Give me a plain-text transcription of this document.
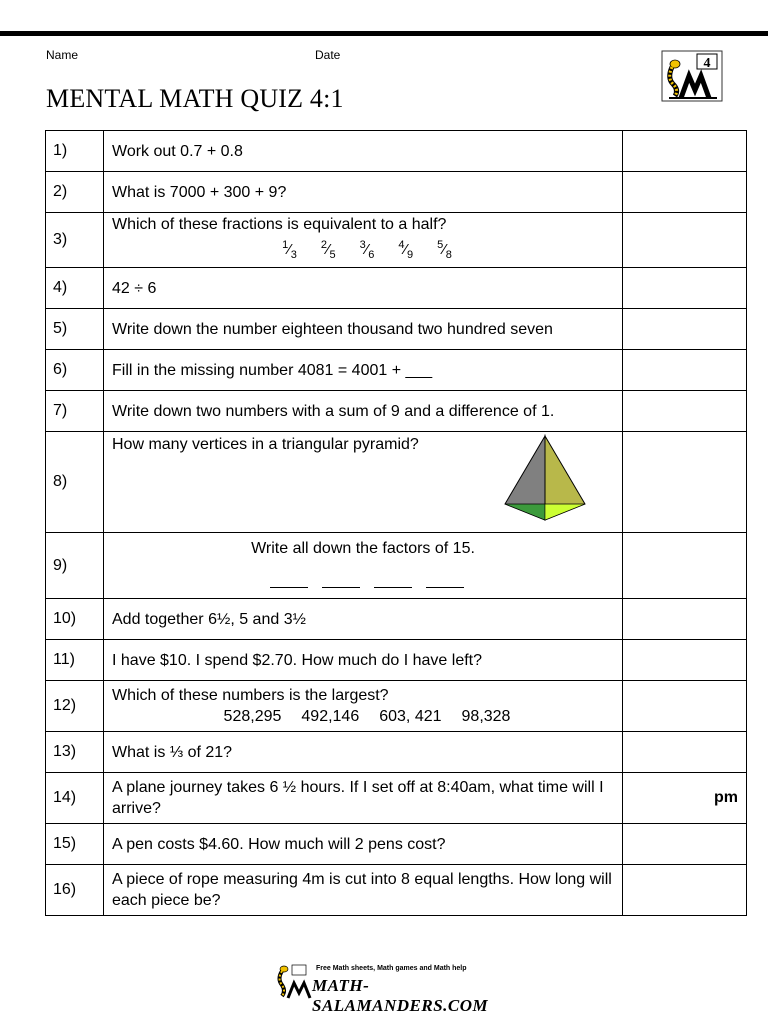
Name	Date
MENTAL MATH QUIZ 4:1
4
1)	Work out 0.7 + 0.8	

2)	What is 7000 + 300 + 9?	

3)	Which of these fractions is equivalent to a half?
$^1⁄_3^2⁄_5^3⁄_6^4⁄_9^5⁄_8$

4)	42 ÷ 6	

5)	Write down the number eighteen thousand two hundred seven	

6)	Fill in the missing number 4081 = 4001 + ___	

7)	Write down two numbers with a sum of 9 and a difference of 1.	

8)	How many vertices in a triangular pyramid?	

9)	Write all down the factors of 15.	

10)	Add together 6½, 5 and 3½	

11)	I have $10. I spend $2.70. How much do I have left?	

12)	Which of these numbers is the largest?
528,295 492,146 603, 421 98,328	

13)	What is ⅓ of 21?	

14)	A plane journey takes 6 ½ hours. If I set off at 8:40am, what time will I arrive?	pm
15)	A pen costs $4.60. How much will 2 pens cost?	

16)	A piece of rope measuring 4m is cut into 8 equal lengths. How long will each piece be?	

Free Math sheets, Math games and Math help
MATH-SALAMANDERS.COM
